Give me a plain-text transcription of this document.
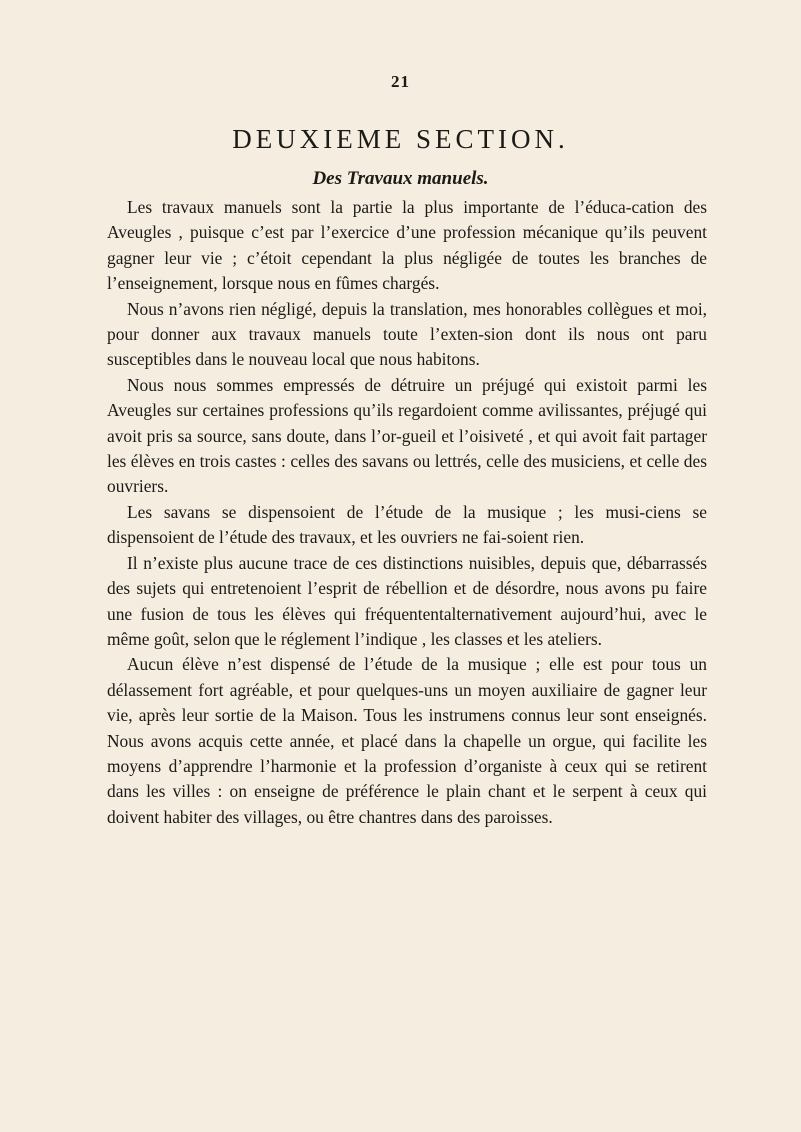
21
DEUXIEME SECTION.
Des Travaux manuels.

Les travaux manuels sont la partie la plus importante de l’éduca-cation des Aveugles , puisque c’est par l’exercice d’une profession mécanique qu’ils peuvent gagner leur vie ; c’étoit cependant la plus négligée de toutes les branches de l’enseignement, lorsque nous en fûmes chargés.

Nous n’avons rien négligé, depuis la translation, mes honorables collègues et moi, pour donner aux travaux manuels toute l’exten-sion dont ils nous ont paru susceptibles dans le nouveau local que nous habitons.

Nous nous sommes empressés de détruire un préjugé qui existoit parmi les Aveugles sur certaines professions qu’ils regardoient comme avilissantes, préjugé qui avoit pris sa source, sans doute, dans l’or-gueil et l’oisiveté , et qui avoit fait partager les élèves en trois castes : celles des savans ou lettrés, celle des musiciens, et celle des ouvriers.

Les savans se dispensoient de l’étude de la musique ; les musi-ciens se dispensoient de l’étude des travaux, et les ouvriers ne fai-soient rien.

Il n’existe plus aucune trace de ces distinctions nuisibles, depuis que, débarrassés des sujets qui entretenoient l’esprit de rébellion et de désordre, nous avons pu faire une fusion de tous les élèves qui fréquententalternativement aujourd’hui, avec le même goût, selon que le réglement l’indique , les classes et les ateliers.

Aucun élève n’est dispensé de l’étude de la musique ; elle est pour tous un délassement fort agréable, et pour quelques-uns un moyen auxiliaire de gagner leur vie, après leur sortie de la Maison. Tous les instrumens connus leur sont enseignés. Nous avons acquis cette année, et placé dans la chapelle un orgue, qui facilite les moyens d’apprendre l’harmonie et la profession d’organiste à ceux qui se retirent dans les villes : on enseigne de préférence le plain chant et le serpent à ceux qui doivent habiter des villages, ou être chantres dans des paroisses.
